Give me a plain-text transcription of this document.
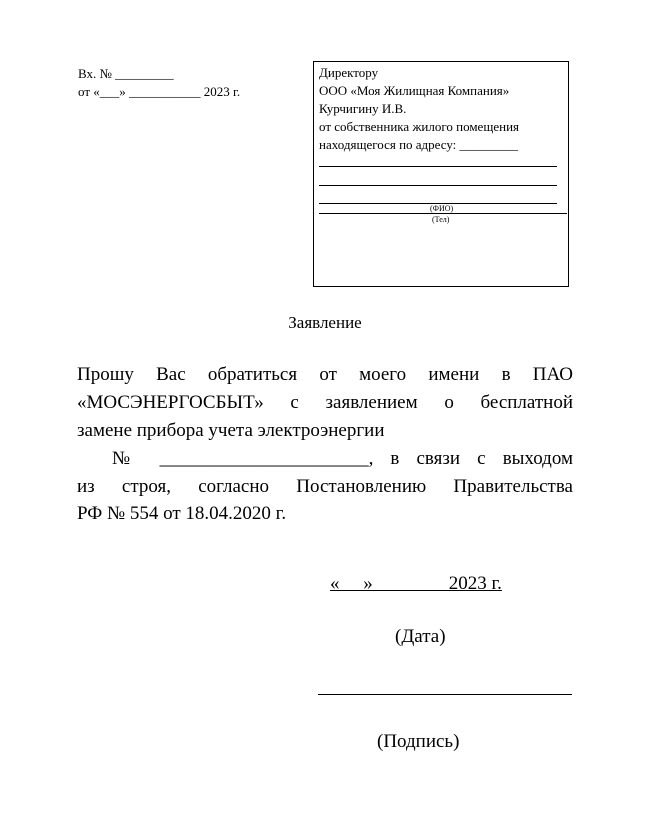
Вх. № _________
от «___» ___________ 2023 г.
Директору
ООО «Моя Жилищная Компания»
Курчигину И.В.
от собственника жилого помещения
находящегося по адресу: _________
(ФИО)
(Тел)
Заявление
Прошу Вас обратиться от моего имени в ПАО
«МОСЭНЕРГОСБЫТ» с заявлением о бесплатной
замене прибора учета электроэнергии
№ ______________________, в связи с выходом
из строя, согласно Постановлению Правительства
РФ № 554 от 18.04.2020 г.
«     »                2023 г.
(Дата)
(Подпись)
